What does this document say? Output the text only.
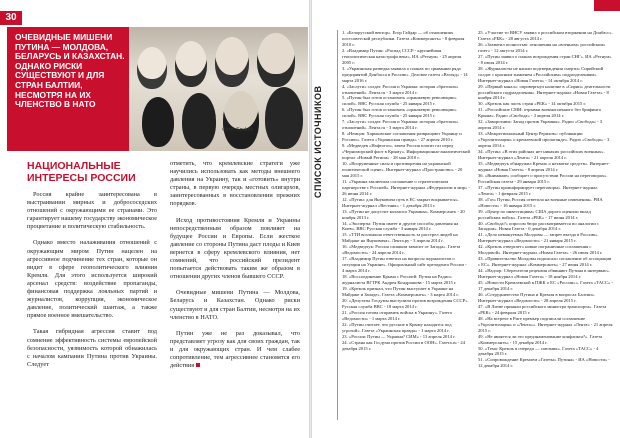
30
ОЧЕВИДНЫЕ МИШЕНИ ПУТИНА — МОЛДОВА, БЕЛАРУСЬ И КАЗАХСТАН. ОДНАКО РИСКИ СУЩЕСТВУЮТ И ДЛЯ СТРАН БАЛТИИ, НЕСМОТРЯ НА ИХ ЧЛЕНСТВО В НАТО
Фото: Spuknk
НАЦИОНАЛЬНЫЕ ИНТЕРЕСЫ РОССИИ

Россия крайне заинтересована в выстраивании мирных и добрососедских отношений с окружающими ее странами. Это гарантирует нашему государству экономическое процветание и политическую стабильность.

Однако вместо налаживания отношений с окружающим миром Путин нацелен на агрессивное подчинение тех стран, которые он видит в сфере геополитического влияния Кремля. Для этого используется широкий арсенал средств: воздействие пропаганды, финансовая поддержка лояльных партий и журналистов, коррупция, экономическое давление, политический шантаж, а также прямое военное вмешательство.

Такая гибридная агрессия ставит под сомнение эффективность системы европейской безопасности, уязвимость которой обнажилась с началом кампании Путина против Украины. Следует

отметить, что кремлевские стратеги уже научились использовать как методы внешнего давления на Украину, так и «готовить» внутри страны, в первую очередь местных олигархов, заинтересованных в восстановлении прежних порядков.

Исход противостояния Кремля и Украины непосредственным образом повлияет на будущее России и Европы. Если жесткое давление со стороны Путина даст плоды и Киев вернется в сферу кремлевского влияния, нет сомнений, что российский президент попытается действовать таким же образом в отношении других членов бывшего СССР.

Очевидные мишени Путина — Молдова, Беларусь и Казахстан. Однако риски существуют и для стран Балтии, несмотря на их членство в НАТО.

Путин уже не раз доказывал, что представляет угрозу как для своих граждан, так и для окружающих стран. И чем слабее сопротивление, тем агрессивнее становятся его действия

СПИСОК ИСТОЧНИКОВ
1. «Белорусский вектор». Егор Гайдар — об отношениях постсоветской республики. Газета «Коммерсантъ» - 8 февраля 2010 г.
2. «Владимир Путин: «Распад СССР - крупнейшая геополитическая катастрофа века». ИА «Регнум» - 25 апреля 2005 г.
3. «Украинская разведка заявила о планах по срыванию ряда предприятий Донбасса в Россию». Деловое газета «Взгляд» - 14 марта 2016 г.
4. «Заслуги» солдат. Россия и Украина: история «братских» отношений». Лента.ru - 3 марта 2014 г.
5. «Путин был готов остановить «оранжевую революцию» силой». BBC Русская служба - 25 января 2015 г.
6. «Путин был готов остановить «оранжевую революцию» силой». BBC Русская служба - 25 января 2015 г.
7. «Заслуги» солдат. Россия и Украина: история «братских» отношений». Лента.ru - 3 марта 2014 г.
8. «Немцов: Харьковские соглашения развращают Украину и Россию». Газета «Украинская правда» - 27 апреля 2010 г.
9. «Медведев «Нафтогаз», зачем Россия платит газ перед «Черноморский флот в Крыму». Информационно-аналитический портал «Новый Регион» - 28 мая 2010 г.
10. «Вооруженные силы и противоречия на украинской политической сцене». Интернет-журнал «Пространство» - 20 мая 2015 г.
11. «Украина заключила соглашение о стратегическом партнерстве с Россией». Интернет-журнал «Федерализм и мир» - 26 июня 2014 г.
12. «Путин: для Януковича путь в ЕС закрыт вскрывается». Интернет-журнал «Вестник» - 1 декабря 2013 г.
13. «Путин не допустит коллапса Украины». Коммерсантъ - 20 ноября 2013 г.
14. «Эксперты: Путин имеет и другие способы давления на Киев». BBC Русская служба - 3 января 2014 г.
15. «ТТИ возложила ответственность за расстрел людей на Майдане на Януковича». Лента.ру - 3 апреля 2014 г.
16. «Медведчук: Россия слишком зависит от Запада». Газета «Ведомости» - 24 апреля 2014 г.
17. «Владимир Путин ответил на вопросы журналистов о ситуации на Украине». Официальный сайт президента России - 4 марта 2014 г.
18. «Воссоединение Крыма с Россией: Путин на Радио» журналиста ВГТРК Андрея Кондрашова - 15 марта 2015 г.
19. «Кремль признал, что Путин выступает в Украине на Майдане и Западе». Газета «Коммерсантъ» - 3 марта 2014 г.
20. «Депутаты Госдумы выступили против возрождения СССР». Русская служба BBC - 18 марта 2014 г.
21. «Россия готова отправить войска в Украину». Газета «Ведомости» - 1 марта 2014 г.
22. «Путин считает, что русские в Крыму находятся под угрозой». Газета «Украинская правда» - 1 марта 2014 г.
23. «Россия: Путин — Украина? СИМ» - 13 апреля 2014 г.
24. «Страна как Госдума против России и ООН». Газета.ru - 24 декабря 2015 г.
25. «Участие то ВНСУ заявил о российском вторжении на Донбасс». Газета «РБК» - 28 августа 2014 г.
26. «Захватил полностью: отношения на «военном» российском» газет» - 12 августа 2014 г.
27. «Путин заявил о планах возрождения стран СНГ». ИА «Регнум» - 8 июля 2014 г.
28. «Журналисты не нашли подтверждения смерти» Сирийский солдат с красным знаменем «Российским» подразделениям». Интернет-журнал «Новая Газета» - 14 октября 2014 г.
29. «Первый канал»: опровергнул наличие в «Сирии» деятельности российского подразделения». Интернет-журнал «Новая Газета» - 8 ноября 2014 г.
30. «Кремль как часть стран «РБК» - 14 октября 2015 г.
31. «Российские СМИ: отрывки военнопленного без брифинга Крыма». Радио «Свобода» - 3 апреля 2014 г.
32. «Заворотнюк: Запад против Украины». Радио «Свобода» - 3 апреля 2014 г.
33. «Межрегиональный Центр Рерихов»: публикации «Укрзлитизация» о кремлевской пропаганде». Радио «Свобода» - 3 апреля 2014 г.
34. «Путин: «В этих районах нет никаких российских военных». Интернет-журнал «Лента» - 21 апреля 2014 г.
35. «Медведчук обнаружил Кремль о нехватке средств». Интернет-журнал «Новая Газета» - 8 апреля 2014 г.
36. «Внимание» сообщает о присутствии России на переговорах». Российская газета - 29 января 2015 г.
37. «Путин проинформирует переговоры». Интернет-журнал «Лента» - 1 февраля 2015 г.
38. «Газ» Путин, Россия ответила на военные изменения». РИА «Новости» - 16 января 2015 г.
39. «Центр по инвестициям» США дорого оценили вклад российских войск». Газета «РБК» - 17 июня 2014 г.
40. «Свобода?» опросом бюро рассматривается по аналогии с Западом». Новая Газета - 6 декабря 2014 г.
41. «Дело неминуемых Молдовы — запрет въезда в Россию». Интернет-журнал «Ведомости» - 21 января 2015 г.
42. «Кремль отвергает» новые пограничные соглашения с Молдовой». Интернет-журнал «Новая Газета» - 26 июля 2014 г.
43. «Правительство Молдовы подписало соглашение об ассоциации с ЕС». Интернет-журнал «Коммерсантъ» - 27 июня 2014 г.
44. «Надзор: Сберегатели рецензия обвиняют Путина в интервью». Интернет-журнал «Новая Газета» - 18 ноября 2014 г.
45. «Новости Кремлевской в ПЖК о ЕС «России»». Газета «ТАСС» - 17 декабря 2014 г.
46. «Сотрудничество Путина и Кремля в вопросах Балтии». Интернет-журнал «Ведомости» - 28 апреля 2015 г.
47. «В Литве приняли российского министра транспорта». Газета «РБК» - 24 февраля 2015 г.
48. «На встрече в Риге премьер подписали соглашение «Укрзлитизация» и «Лента»». Интернет-журнал «Лента» - 21 апреля 2015 г.
49. «Не является ли это предзнаменование конфликта?». Газета «Коммерсантъ» - 15 декабря 2014 г.
50. «Тема: Кремль в очереди — союзник». Газета «ТАСС» - 4 декабря 2015 г.
51. «Сопровождение Кремлем «Газеты» Путина» - ИА «Новости» - 12 декабря 2014 г.
